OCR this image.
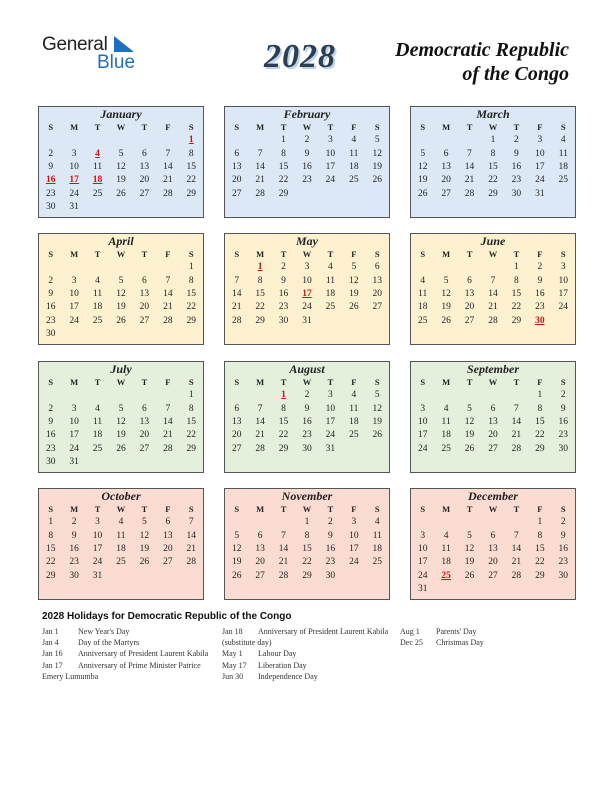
General
Blue	2028	Democratic Republic of the Congo
January
S	M	T	W	T	F	S
						1
2	3	4	5	6	7	8
9	10	11	12	13	14	15
16	17	18	19	20	21	22
23	24	25	26	27	28	29
30	31					
February
S	M	T	W	T	F	S
		1	2	3	4	5
6	7	8	9	10	11	12
13	14	15	16	17	18	19
20	21	22	23	24	25	26
27	28	29				
March
S	M	T	W	T	F	S
			1	2	3	4
5	6	7	8	9	10	11
12	13	14	15	16	17	18
19	20	21	22	23	24	25
26	27	28	29	30	31	
April
S	M	T	W	T	F	S
						1
2	3	4	5	6	7	8
9	10	11	12	13	14	15
16	17	18	19	20	21	22
23	24	25	26	27	28	29
30						
May
S	M	T	W	T	F	S
	1	2	3	4	5	6
7	8	9	10	11	12	13
14	15	16	17	18	19	20
21	22	23	24	25	26	27
28	29	30	31			
June
S	M	T	W	T	F	S
				1	2	3
4	5	6	7	8	9	10
11	12	13	14	15	16	17
18	19	20	21	22	23	24
25	26	27	28	29	30	
July
S	M	T	W	T	F	S
						1
2	3	4	5	6	7	8
9	10	11	12	13	14	15
16	17	18	19	20	21	22
23	24	25	26	27	28	29
30	31					
August
S	M	T	W	T	F	S
		1	2	3	4	5
6	7	8	9	10	11	12
13	14	15	16	17	18	19
20	21	22	23	24	25	26
27	28	29	30	31		
September
S	M	T	W	T	F	S
					1	2
3	4	5	6	7	8	9
10	11	12	13	14	15	16
17	18	19	20	21	22	23
24	25	26	27	28	29	30
October
S	M	T	W	T	F	S
1	2	3	4	5	6	7
8	9	10	11	12	13	14
15	16	17	18	19	20	21
22	23	24	25	26	27	28
29	30	31				
November
S	M	T	W	T	F	S
			1	2	3	4
5	6	7	8	9	10	11
12	13	14	15	16	17	18
19	20	21	22	23	24	25
26	27	28	29	30		
December
S	M	T	W	T	F	S
					1	2
3	4	5	6	7	8	9
10	11	12	13	14	15	16
17	18	19	20	21	22	23
24	25	26	27	28	29	30
31						
2028 Holidays for Democratic Republic of the Congo
Jan 1	New Year's Day
Jan 4	Day of the Martyrs
Jan 16	Anniversary of President Laurent Kabila
Jan 17	Anniversary of Prime Minister Patrice Emery Lumumba
Jan 18	Anniversary of President Laurent Kabila (substitute day)
May 1	Labour Day
May 17	Liberation Day
Jun 30	Independence Day
Aug 1	Parents' Day
Dec 25	Christmas Day
